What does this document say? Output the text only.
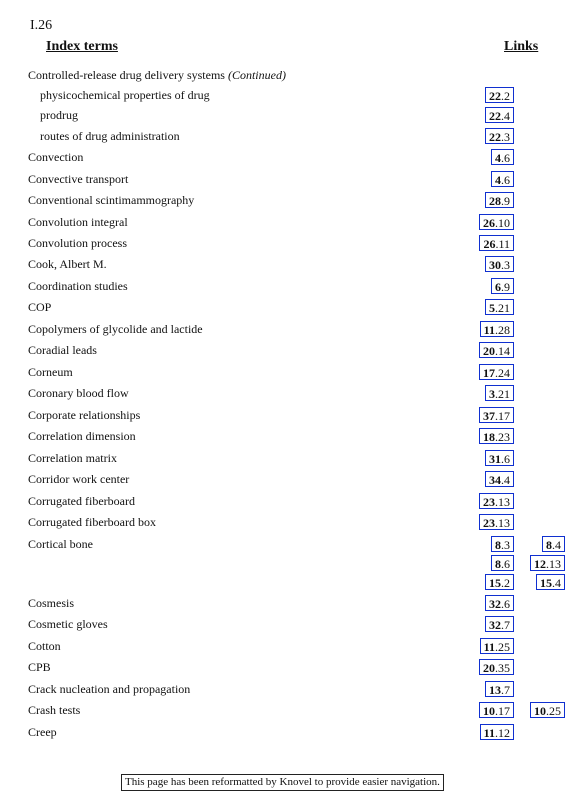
I.26
Index terms	Links
Controlled-release drug delivery systems (Continued)
physicochemical properties of drug	22.2
prodrug	22.4
routes of drug administration	22.3
Convection	4.6
Convective transport	4.6
Conventional scintimammography	28.9
Convolution integral	26.10
Convolution process	26.11
Cook, Albert M.	30.3
Coordination studies	6.9
COP	5.21
Copolymers of glycolide and lactide	11.28
Coradial leads	20.14
Corneum	17.24
Coronary blood flow	3.21
Corporate relationships	37.17
Correlation dimension	18.23
Correlation matrix	31.6
Corridor work center	34.4
Corrugated fiberboard	23.13
Corrugated fiberboard box	23.13
Cortical bone	8.3	8.4
8.6	12.13
15.2	15.4
Cosmesis	32.6
Cosmetic gloves	32.7
Cotton	11.25
CPB	20.35
Crack nucleation and propagation	13.7
Crash tests	10.17	10.25
Creep	11.12
This page has been reformatted by Knovel to provide easier navigation.
